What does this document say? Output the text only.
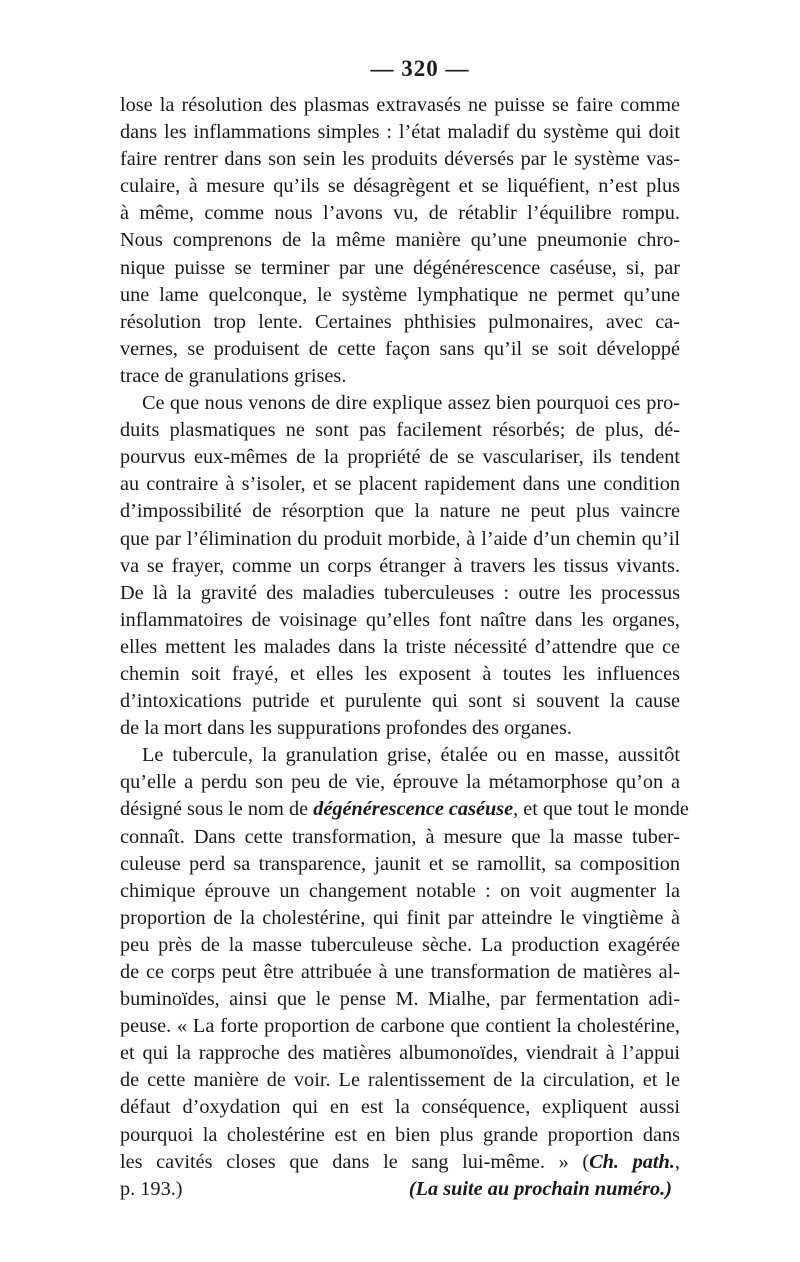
— 320 —
lose la résolution des plasmas extravasés ne puisse se faire comme
dans les inflammations simples : l’état maladif du système qui doit
faire rentrer dans son sein les produits déversés par le système vas-
culaire, à mesure qu’ils se désagrègent et se liquéfient, n’est plus
à même, comme nous l’avons vu, de rétablir l’équilibre rompu.
Nous comprenons de la même manière qu’une pneumonie chro-
nique puisse se terminer par une dégénérescence caséuse, si, par
une lame quelconque, le système lymphatique ne permet qu’une
résolution trop lente. Certaines phthisies pulmonaires, avec ca-
vernes, se produisent de cette façon sans qu’il se soit développé
trace de granulations grises.
Ce que nous venons de dire explique assez bien pourquoi ces pro-
duits plasmatiques ne sont pas facilement résorbés; de plus, dé-
pourvus eux-mêmes de la propriété de se vasculariser, ils tendent
au contraire à s’isoler, et se placent rapidement dans une condition
d’impossibilité de résorption que la nature ne peut plus vaincre
que par l’élimination du produit morbide, à l’aide d’un chemin qu’il
va se frayer, comme un corps étranger à travers les tissus vivants.
De là la gravité des maladies tuberculeuses : outre les processus
inflammatoires de voisinage qu’elles font naître dans les organes,
elles mettent les malades dans la triste nécessité d’attendre que ce
chemin soit frayé, et elles les exposent à toutes les influences
d’intoxications putride et purulente qui sont si souvent la cause
de la mort dans les suppurations profondes des organes.
Le tubercule, la granulation grise, étalée ou en masse, aussitôt
qu’elle a perdu son peu de vie, éprouve la métamorphose qu’on a
désigné sous le nom de dégénérescence caséuse, et que tout le monde
connaît. Dans cette transformation, à mesure que la masse tuber-
culeuse perd sa transparence, jaunit et se ramollit, sa composition
chimique éprouve un changement notable : on voit augmenter la
proportion de la cholestérine, qui finit par atteindre le vingtième à
peu près de la masse tuberculeuse sèche. La production exagérée
de ce corps peut être attribuée à une transformation de matières al-
buminoïdes, ainsi que le pense M. Mialhe, par fermentation adi-
peuse. « La forte proportion de carbone que contient la cholestérine,
et qui la rapproche des matières albumonoïdes, viendrait à l’appui
de cette manière de voir. Le ralentissement de la circulation, et le
défaut d’oxydation qui en est la conséquence, expliquent aussi
pourquoi la cholestérine est en bien plus grande proportion dans
les cavités closes que dans le sang lui-même. » (Ch. path.,
p. 193.)	(La suite au prochain numéro.)
